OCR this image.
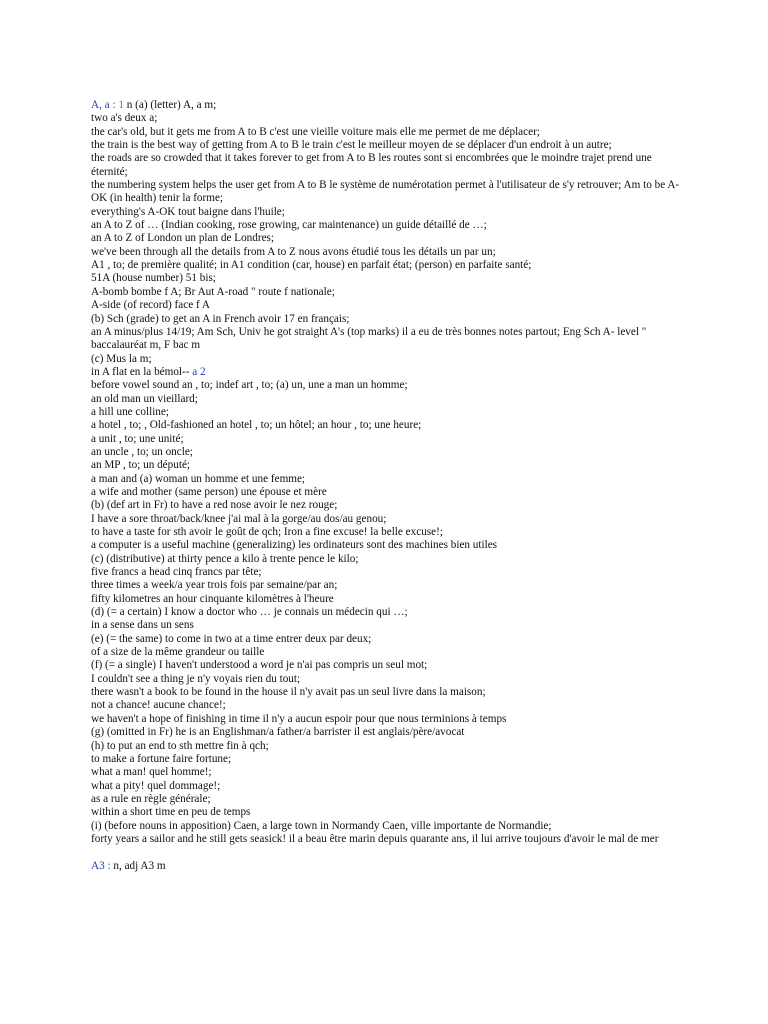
A, a : 1 n (a) (letter) A, a m;
two a's deux a;
the car's old, but it gets me from A to B c'est une vieille voiture mais elle me permet de me déplacer;
the train is the best way of getting from A to B le train c'est le meilleur moyen de se déplacer d'un endroit à un autre;
the roads are so crowded that it takes forever to get from A to B les routes sont si encombrées que le moindre trajet prend une éternité;
the numbering system helps the user get from A to B le système de numérotation permet à l'utilisateur de s'y retrouver; Am to be A-OK (in health) tenir la forme;
everything's A-OK tout baigne dans l'huile;
an A to Z of … (Indian cooking, rose growing, car maintenance) un guide détaillé de …;
an A to Z of London un plan de Londres;
we've been through all the details from A to Z nous avons étudié tous les détails un par un;
A1 , to; de première qualité; in A1 condition (car, house) en parfait état; (person) en parfaite santé;
51A (house number) 51 bis;
A-bomb bombe f A; Br Aut A-road " route f nationale;
A-side (of record) face f A
(b) Sch (grade) to get an A in French avoir 17 en français;
an A minus/plus 14/19; Am Sch, Univ he got straight A's (top marks) il a eu de très bonnes notes partout; Eng Sch A- level " baccalauréat m, F bac m
(c) Mus la m;
in A flat en la bémol-- a 2
before vowel sound an , to; indef art , to; (a) un, une a man un homme;
an old man un vieillard;
a hill une colline;
a hotel , to; , Old-fashioned an hotel , to; un hôtel; an hour , to; une heure;
a unit , to; une unité;
an uncle , to; un oncle;
an MP , to; un député;
a man and (a) woman un homme et une femme;
a wife and mother (same person) une épouse et mère
(b) (def art in Fr) to have a red nose avoir le nez rouge;
I have a sore throat/back/knee j'ai mal à la gorge/au dos/au genou;
to have a taste for sth avoir le goût de qch; Iron a fine excuse! la belle excuse!;
a computer is a useful machine (generalizing) les ordinateurs sont des machines bien utiles
(c) (distributive) at thirty pence a kilo à trente pence le kilo;
five francs a head cinq francs par tête;
three times a week/a year trois fois par semaine/par an;
fifty kilometres an hour cinquante kilomètres à l'heure
(d) (= a certain) I know a doctor who … je connais un médecin qui …;
in a sense dans un sens
(e) (= the same) to come in two at a time entrer deux par deux;
of a size de la même grandeur ou taille
(f) (= a single) I haven't understood a word je n'ai pas compris un seul mot;
I couldn't see a thing je n'y voyais rien du tout;
there wasn't a book to be found in the house il n'y avait pas un seul livre dans la maison;
not a chance! aucune chance!;
we haven't a hope of finishing in time il n'y a aucun espoir pour que nous terminions à temps
(g) (omitted in Fr) he is an Englishman/a father/a barrister il est anglais/père/avocat
(h) to put an end to sth mettre fin à qch;
to make a fortune faire fortune;
what a man! quel homme!;
what a pity! quel dommage!;
as a rule en règle générale;
within a short time en peu de temps
(i) (before nouns in apposition) Caen, a large town in Normandy Caen, ville importante de Normandie;
forty years a sailor and he still gets seasick! il a beau être marin depuis quarante ans, il lui arrive toujours d'avoir le mal de mer
A3 : n, adj A3 m
